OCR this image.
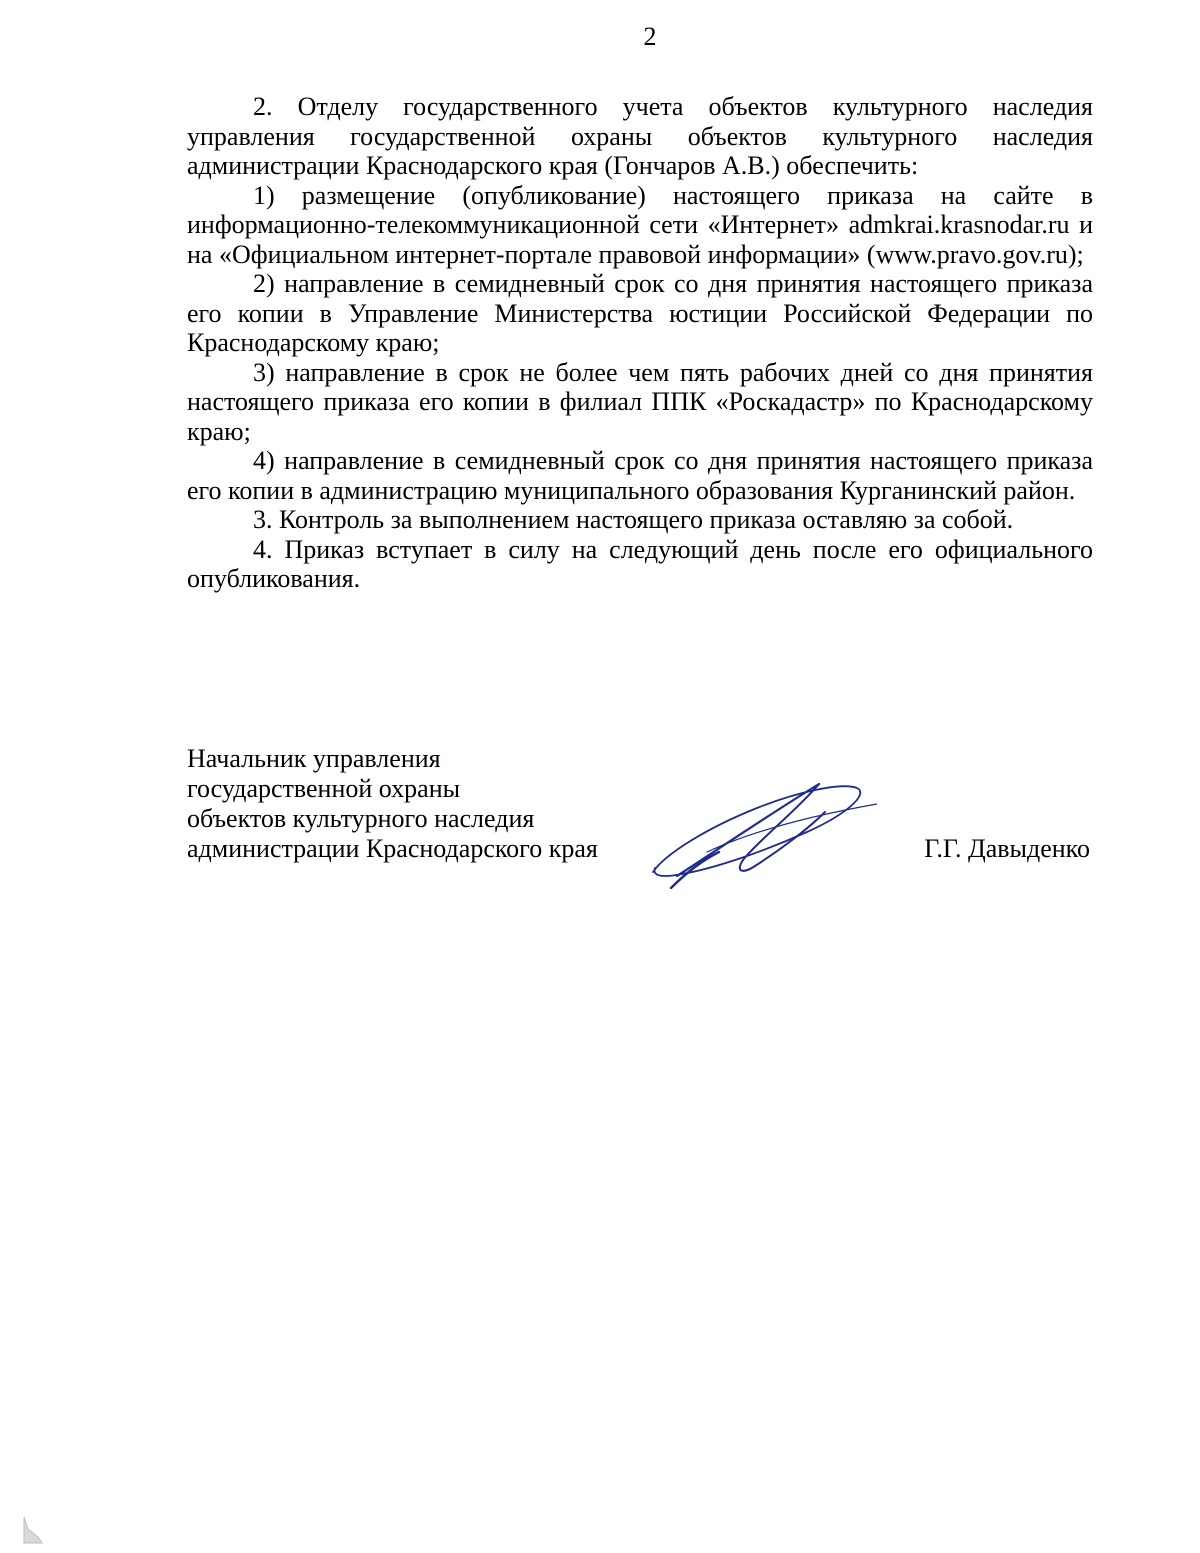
2

2. Отделу государственного учета объектов культурного наследия управления государственной охраны объектов культурного наследия администрации Краснодарского края (Гончаров А.В.) обеспечить:

1) размещение (опубликование) настоящего приказа на сайте в информационно-телекоммуникационной сети «Интернет» admkrai.krasnodar.ru и на «Официальном интернет-портале правовой информации» (www.pravo.gov.ru);

2) направление в семидневный срок со дня принятия настоящего приказа его копии в Управление Министерства юстиции Российской Федерации по Краснодарскому краю;

3) направление в срок не более чем пять рабочих дней со дня принятия настоящего приказа его копии в филиал ППК «Роскадастр» по Краснодарскому краю;

4) направление в семидневный срок со дня принятия настоящего приказа его копии в администрацию муниципального образования Курганинский район.

3. Контроль за выполнением настоящего приказа оставляю за собой.

4. Приказ вступает в силу на следующий день после его официального опубликования.

Начальник управления
государственной охраны
объектов культурного наследия
администрации Краснодарского края	Г.Г. Давыденко
